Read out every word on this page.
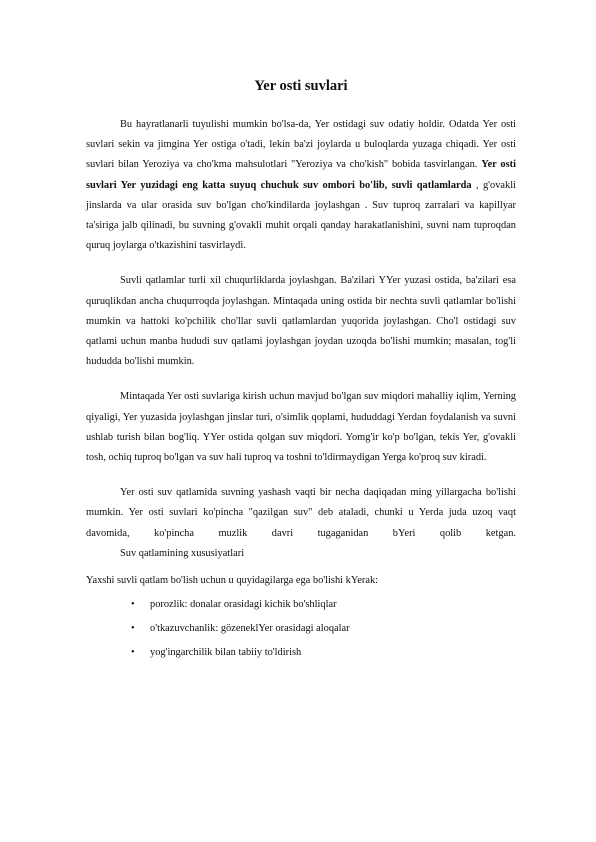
Yer osti suvlari

Bu hayratlanarli tuyulishi mumkin bo'lsa-da, Yer ostidagi suv odatiy holdir. Odatda Yer osti suvlari sekin va jimgina Yer ostiga o'tadi, lekin ba'zi joylarda u buloqlarda yuzaga chiqadi. Yer osti suvlari bilan Yeroziya va cho'kma mahsulotlari "Yeroziya va cho'kish" bobida tasvirlangan. Yer osti suvlari Yer yuzidagi eng katta suyuq chuchuk suv ombori bo'lib, suvli qatlamlarda , g'ovakli jinslarda va ular orasida suv bo'lgan cho'kindilarda joylashgan . Suv tuproq zarralari va kapillyar ta'siriga jalb qilinadi, bu suvning g'ovakli muhit orqali qanday harakatlanishini, suvni nam tuproqdan quruq joylarga o'tkazishini tasvirlaydi.

Suvli qatlamlar turli xil chuqurliklarda joylashgan. Ba'zilari YYer yuzasi ostida, ba'zilari esa quruqlikdan ancha chuqurroqda joylashgan. Mintaqada uning ostida bir nechta suvli qatlamlar bo'lishi mumkin va hattoki ko'pchilik cho'llar suvli qatlamlardan yuqorida joylashgan. Cho'l ostidagi suv qatlami uchun manba hududi suv qatlami joylashgan joydan uzoqda bo'lishi mumkin; masalan, tog'li hududda bo'lishi mumkin.

Mintaqada Yer osti suvlariga kirish uchun mavjud bo'lgan suv miqdori mahalliy iqlim, Yerning qiyaligi, Yer yuzasida joylashgan jinslar turi, o'simlik qoplami, hududdagi Yerdan foydalanish va suvni ushlab turish bilan bog'liq. YYer ostida qolgan suv miqdori. Yomg'ir ko'p bo'lgan, tekis Yer, g'ovakli tosh, ochiq tuproq bo'lgan va suv hali tuproq va toshni to'ldirmaydigan Yerga ko'proq suv kiradi.

Yer osti suv qatlamida suvning yashash vaqti bir necha daqiqadan ming yillargacha bo'lishi mumkin. Yer osti suvlari ko'pincha "qazilgan suv" deb ataladi, chunki u Yerda juda uzoq vaqt davomida, ko'pincha muzlik davri tugaganidan bYeri qolib ketgan.
Suv qatlamining xususiyatlari

Yaxshi suvli qatlam bo'lish uchun u quyidagilarga ega bo'lishi kYerak:

• porozlik: donalar orasidagi kichik bo'shliqlar
• o'tkazuvchanlik: gözeneklYer orasidagi aloqalar
• yog'ingarchilik bilan tabiiy to'ldirish
